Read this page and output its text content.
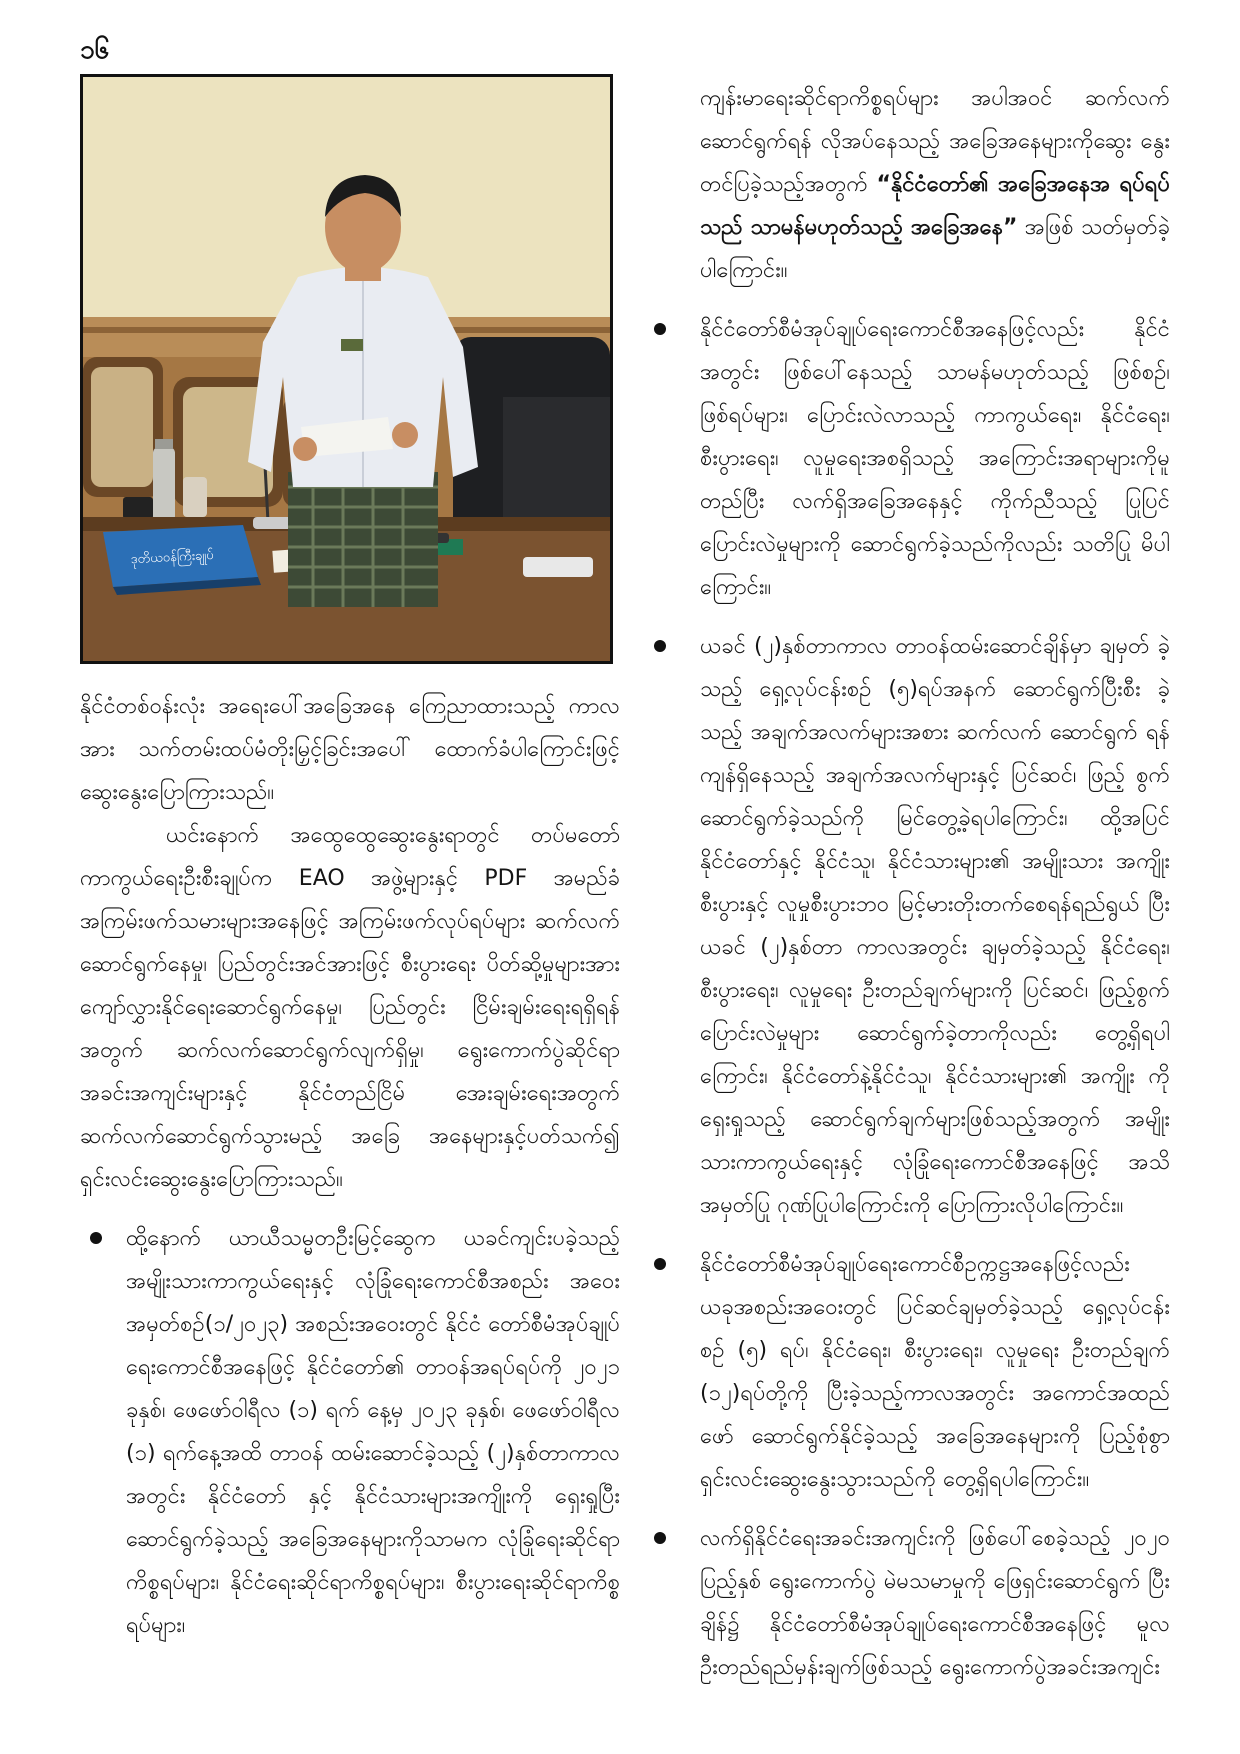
၁၆
ဒုတိယဝန်ကြီးချုပ်

နိုင်ငံတစ်ဝန်းလုံး အရေးပေါ်အခြေအနေ ကြေညာထားသည့် ကာလအား သက်တမ်းထပ်မံတိုးမြှင့်ခြင်းအပေါ် ထောက်ခံပါကြောင်းဖြင့်ဆွေးနွေးပြောကြားသည်။

ယင်းနောက် အထွေထွေဆွေးနွေးရာတွင် တပ်မတော် ကာကွယ်ရေးဦးစီးချုပ်က EAO အဖွဲ့များနှင့် PDF အမည်ခံ အကြမ်းဖက်သမားများအနေဖြင့် အကြမ်းဖက်လုပ်ရပ်များ ဆက်လက်ဆောင်ရွက်နေမှု၊ ပြည်တွင်းအင်အားဖြင့် စီးပွားရေး ပိတ်ဆို့မှုများအား ကျော်လွှားနိုင်ရေးဆောင်ရွက်နေမှု၊ ပြည်တွင်း ငြိမ်းချမ်းရေးရရှိရန်အတွက် ဆက်လက်ဆောင်ရွက်လျက်ရှိမှု၊ ရွေးကောက်ပွဲဆိုင်ရာ အခင်းအကျင်းများနှင့် နိုင်ငံတည်ငြိမ် အေးချမ်းရေးအတွက် ဆက်လက်ဆောင်ရွက်သွားမည့် အခြေ အနေများနှင့်ပတ်သက်၍ ရှင်းလင်းဆွေးနွေးပြောကြားသည်။

ထို့နောက် ယာယီသမ္မတဦးမြင့်ဆွေက ယခင်ကျင်းပခဲ့သည့် အမျိုးသားကာကွယ်ရေးနှင့် လုံခြုံရေးကောင်စီအစည်း အဝေး အမှတ်စဉ်(၁/၂၀၂၃) အစည်းအဝေးတွင် နိုင်ငံ တော်စီမံအုပ်ချုပ်ရေးကောင်စီအနေဖြင့် နိုင်ငံတော်၏ တာဝန်အရပ်ရပ်ကို ၂၀၂၁ ခုနှစ်၊ ဖေဖော်ဝါရီလ (၁) ရက် နေ့မှ ၂၀၂၃ ခုနှစ်၊ ဖေဖော်ဝါရီလ (၁) ရက်နေ့အထိ တာဝန် ထမ်းဆောင်ခဲ့သည့် (၂)နှစ်တာကာလအတွင်း နိုင်ငံတော် နှင့် နိုင်ငံသားများအကျိုးကို ရှေးရှုပြီး ဆောင်ရွက်ခဲ့သည့် အခြေအနေများကိုသာမက လုံခြုံရေးဆိုင်ရာကိစ္စရပ်များ၊ နိုင်ငံရေးဆိုင်ရာကိစ္စရပ်များ၊ စီးပွားရေးဆိုင်ရာကိစ္စရပ်များ၊
ကျန်းမာရေးဆိုင်ရာကိစ္စရပ်များ အပါအဝင် ဆက်လက် ဆောင်ရွက်ရန် လိုအပ်နေသည့် အခြေအနေများကိုဆွေး နွေး တင်ပြခဲ့သည့်အတွက် “နိုင်ငံတော်၏ အခြေအနေအ ရပ်ရပ်သည် သာမန်မဟုတ်သည့် အခြေအနေ” အဖြစ် သတ်မှတ်ခဲ့ပါကြောင်း။
နိုင်ငံတော်စီမံအုပ်ချုပ်ရေးကောင်စီအနေဖြင့်လည်း နိုင်ငံ အတွင်း ဖြစ်ပေါ်နေသည့် သာမန်မဟုတ်သည့် ဖြစ်စဉ်၊ ဖြစ်ရပ်များ၊ ပြောင်းလဲလာသည့် ကာကွယ်ရေး၊ နိုင်ငံရေး၊ စီးပွားရေး၊ လူမှုရေးအစရှိသည့် အကြောင်းအရာများကိုမူ တည်ပြီး လက်ရှိအခြေအနေနှင့် ကိုက်ညီသည့် ပြုပြင် ပြောင်းလဲမှုများကို ဆောင်ရွက်ခဲ့သည်ကိုလည်း သတိပြု မိပါကြောင်း။
ယခင် (၂)နှစ်တာကာလ တာဝန်ထမ်းဆောင်ချိန်မှာ ချမှတ် ခဲ့သည့် ရှေ့လုပ်ငန်းစဉ် (၅)ရပ်အနက် ဆောင်ရွက်ပြီးစီး ခဲ့သည့် အချက်အလက်များအစား ဆက်လက် ဆောင်ရွက် ရန် ကျန်ရှိနေသည့် အချက်အလက်များနှင့် ပြင်ဆင်၊ ဖြည့် စွက်ဆောင်ရွက်ခဲ့သည်ကို မြင်တွေ့ခဲ့ရပါကြောင်း၊ ထို့အပြင် နိုင်ငံတော်နှင့် နိုင်ငံသူ၊ နိုင်ငံသားများ၏ အမျိုးသား အကျိုး စီးပွားနှင့် လူမှုစီးပွားဘဝ မြင့်မားတိုးတက်စေရန်ရည်ရွယ် ပြီး ယခင် (၂)နှစ်တာ ကာလအတွင်း ချမှတ်ခဲ့သည့် နိုင်ငံရေး၊ စီးပွားရေး၊ လူမှုရေး ဦးတည်ချက်များကို ပြင်ဆင်၊ ဖြည့်စွက် ပြောင်းလဲမှုများ ဆောင်ရွက်ခဲ့တာကိုလည်း တွေ့ရှိရပါ ကြောင်း၊ နိုင်ငံတော်နဲ့နိုင်ငံသူ၊ နိုင်ငံသားများ၏ အကျိုး ကိုရှေးရှုသည့် ဆောင်ရွက်ချက်များဖြစ်သည့်အတွက် အမျိုး သားကာကွယ်ရေးနှင့် လုံခြုံရေးကောင်စီအနေဖြင့် အသိ အမှတ်ပြု ဂုဏ်ပြုပါကြောင်းကို ပြောကြားလိုပါကြောင်း။
နိုင်ငံတော်စီမံအုပ်ချုပ်ရေးကောင်စီဥက္ကဋ္ဌအနေဖြင့်လည်း ယခုအစည်းအဝေးတွင် ပြင်ဆင်ချမှတ်ခဲ့သည့် ရှေ့လုပ်ငန်း စဉ် (၅) ရပ်၊ နိုင်ငံရေး၊ စီးပွားရေး၊ လူမှုရေး ဦးတည်ချက် (၁၂)ရပ်တို့ကို ပြီးခဲ့သည့်ကာလအတွင်း အကောင်အထည် ဖော် ဆောင်ရွက်နိုင်ခဲ့သည့် အခြေအနေများကို ပြည့်စုံစွာ ရှင်းလင်းဆွေးနွေးသွားသည်ကို တွေ့ရှိရပါကြောင်း။
လက်ရှိနိုင်ငံရေးအခင်းအကျင်းကို ဖြစ်ပေါ်စေခဲ့သည့် ၂၀၂၀ ပြည့်နှစ် ရွေးကောက်ပွဲ မဲမသမာမှုကို ဖြေရှင်းဆောင်ရွက် ပြီးချိန်၌ နိုင်ငံတော်စီမံအုပ်ချုပ်ရေးကောင်စီအနေဖြင့် မူလ ဦးတည်ရည်မှန်းချက်ဖြစ်သည့် ရွေးကောက်ပွဲအခင်းအကျင်း
